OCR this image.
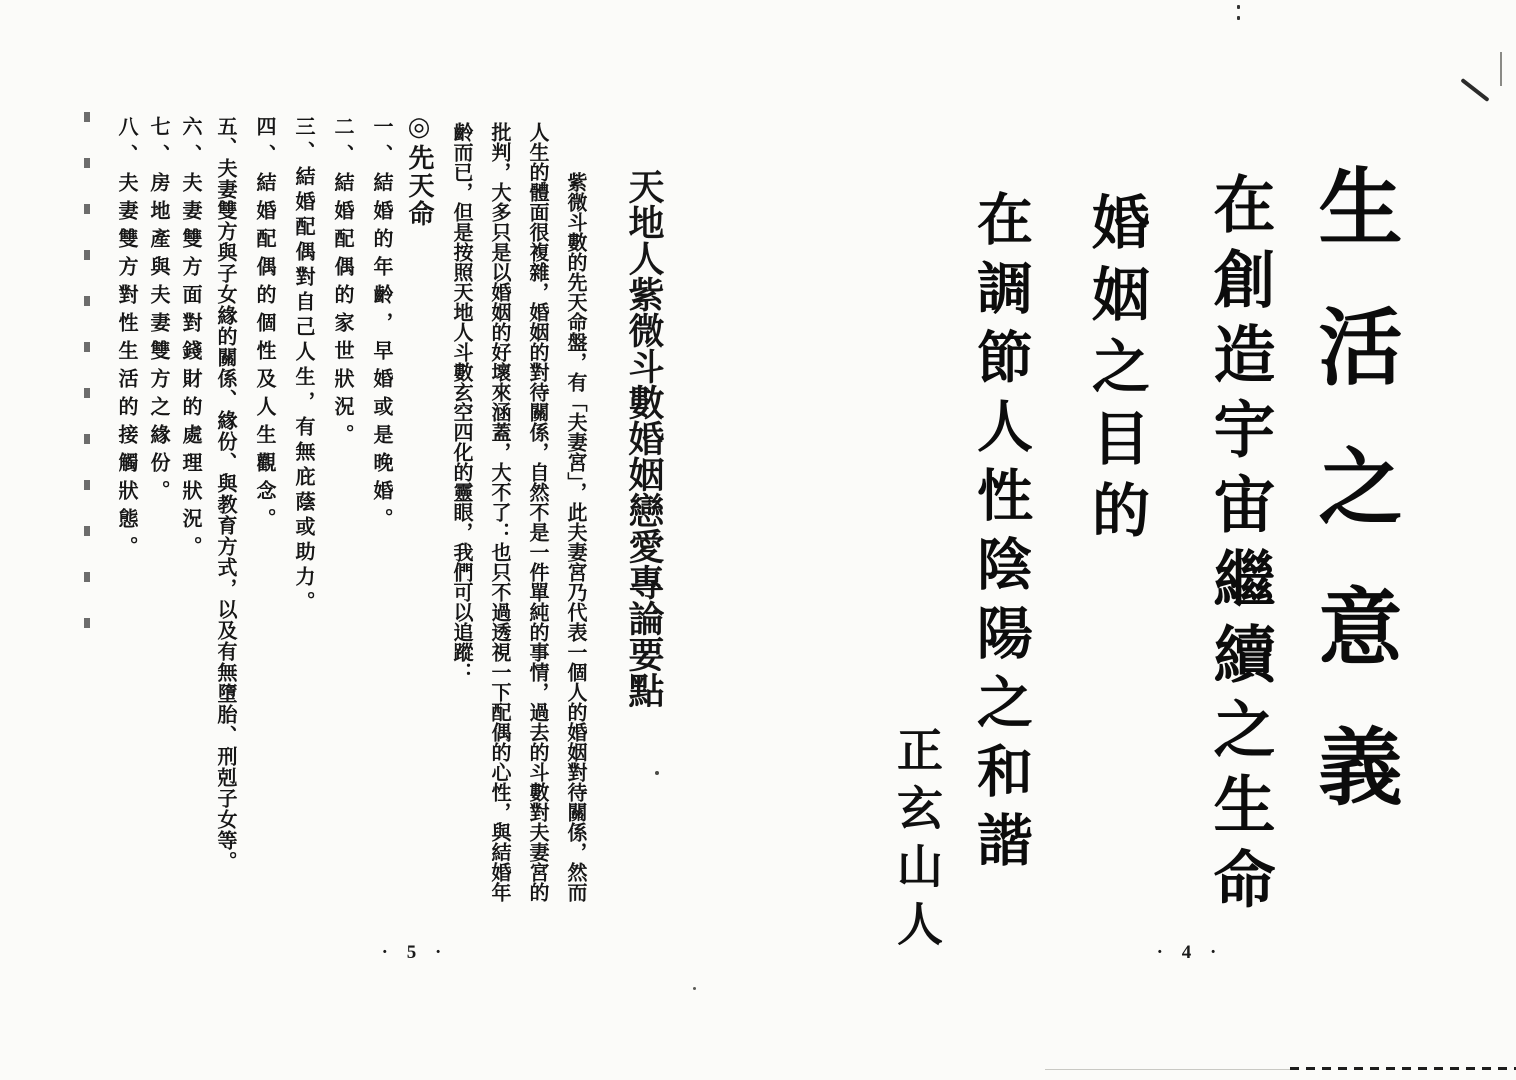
生活之意義
在創造宇宙繼續之生命
婚姻之目的
在調節人性陰陽之和諧
正玄山人	· 4 ·
天地人紫微斗數婚姻戀愛專論要點
紫微斗數的先天命盤，有「夫妻宮」，此夫妻宮乃代表一個人的婚姻對待關係，然而
人生的體面很複雜，婚姻的對待關係，自然不是一件單純的事情，過去的斗數對夫妻宮的
批判，大多只是以婚姻的好壞來涵蓋，大不了：也只不過透視一下配偶的心性，與結婚年
齡而已，但是按照天地人斗數玄空四化的靈眼，我們可以追蹤：
◎先天命
一、結婚的年齡，早婚或是晚婚。
二、結婚配偶的家世狀況。
三、結婚配偶對自己人生，有無庇蔭或助力。
四、結婚配偶的個性及人生觀念。
五、夫妻雙方與子女緣的關係、緣份、與教育方式，以及有無墮胎、刑剋子女等。
六、夫妻雙方面對錢財的處理狀況。
七、房地產與夫妻雙方之緣份。
八、夫妻雙方對性生活的接觸狀態。
· 5 ·
